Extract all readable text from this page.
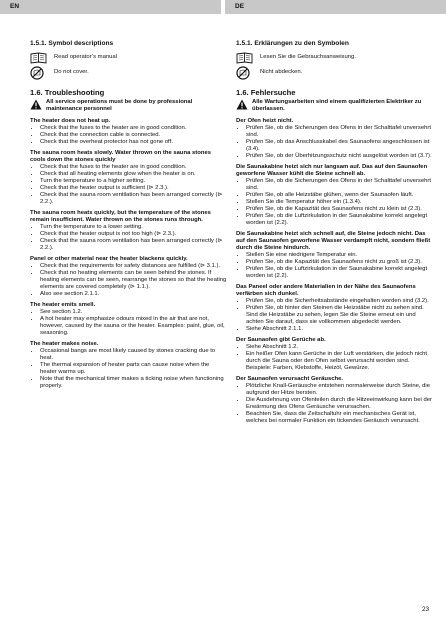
EN	DE
1.5.1. Symbol descriptions
Read operator’s manual
Do not cover.
1.6. Troubleshooting
All service operations must be done by professional maintenance personnel
The heater does not heat up.
• Check that the fuses to the heater are in good condition.
• Check that the connection cable is connected.
• Check that the overheat protector has not gone off.
The sauna room heats slowly. Water thrown on the sauna stones cools down the stones quickly
• Check that the fuses to the heater are in good condition.
• Check that all heating elements glow when the heater is on.
• Turn the temperature to a higher setting.
• Check that the heater output is sufficient (⊳ 2.3.).
• Check that the sauna room ventilation has been arranged correctly (⊳ 2.2.).
The sauna room heats quickly, but the temperature of the stones remain insufficient. Water thrown on the stones runs through.
• Turn the temperature to a lower setting.
• Check that the heater output is not too high (⊳ 2.3.).
• Check that the sauna room ventilation has been arranged correctly (⊳ 2.2.).
Panel or other material near the heater blackens quickly.
• Check that the requirements for safety distances are fulfilled (⊳ 3.1.).
• Check that no heating elements can be seen behind the stones. If heating elements can be seen, rearrange the stones so that the heating elements are covered completely (⊳ 1.1.).
• Also see section 2.1.1.
The heater emits smell.
• See section 1.2.
• A hot heater may emphasize odours mixed in the air that are not, however, caused by the sauna or the heater. Examples: paint, glue, oil, seasoning.
The heater makes noise.
• Occasional bangs are most likely caused by stones cracking due to heat.
• The thermal expansion of heater parts can cause noise when the heater warms up.
• Note that the mechanical timer makes a ticking noise when functioning properly.
1.5.1. Erklärungen zu den Symbolen
Lesen Sie die Gebrauchsanweisung.
Nicht abdecken.
1.6. Fehlersuche
Alle Wartungsarbeiten sind einem qualifizierten Elektriker zu überlassen.
Der Ofen heizt nicht.
• Prüfen Sie, ob die Sicherungen des Ofens in der Schalttafel unversehrt sind.
• Prüfen Sie, ob das Anschlusskabel des Saunaofens angeschlossen ist (3.4).
• Prüfen Sie, ob der Überhitzungsschutz nicht ausgelöst worden ist (3.7).
Die Saunakabine heizt sich nur langsam auf. Das auf den Saunaofen geworfene Wasser kühlt die Steine schnell ab.
• Prüfen Sie, ob die Sicherungen des Ofens in der Schalttafel unversehrt sind.
• Prüfen Sie, ob alle Heizstäbe glühen, wenn der Saunaofen läuft.
• Stellen Sie die Temperatur höher ein (1.3.4).
• Prüfen Sie, ob die Kapazität des Saunaofens nicht zu klein ist (2.3).
• Prüfen Sie, ob die Luftzirkulation in der Saunakabine korrekt angelegt worden ist (2.2).
Die Saunakabine heizt sich schnell auf, die Steine jedoch nicht. Das auf den Saunaofen geworfene Wasser verdampft nicht, sondern fließt durch die Steine hindurch.
• Stellen Sie eine niedrigere Temperatur ein.
• Prüfen Sie, ob die Kapazität des Saunaofens nicht zu groß ist (2.3).
• Prüfen Sie, ob die Luftzirkulation in der Saunakabine korrekt angelegt worden ist (2.2).
Das Paneel oder andere Materialien in der Nähe des Saunaofens verfärben sich dunkel.
• Prüfen Sie, ob die Sicherheitsabstände eingehalten worden sind (3.2).
• Prüfen Sie, ob hinter den Steinen die Heizstäbe nicht zu sehen sind. Sind die Heizstäbe zu sehen, legen Sie die Steine erneut ein und achten Sie darauf, dass sie vollkommen abgedeckt werden.
• Siehe Abschnitt 2.1.1.
Der Saunaofen gibt Gerüche ab.
• Siehe Abschnitt 1.2.
• Ein heißer Ofen kann Gerüche in der Luft verstärken, die jedoch nicht durch die Sauna oder den Ofen selbst verursacht worden sind. Beispiele: Farben, Klebstoffe, Heizöl, Gewürze.
Der Saunaofen verursacht Geräusche.
• Plötzliche Knall-Geräusche entstehen normalerweise durch Steine, die aufgrund der Hitze bersten.
• Die Ausdehnung von Ofenteilen durch die Hitzeeinwirkung kann bei der Erwärmung des Ofens Geräusche verursachen.
• Beachten Sie, dass die Zeitschaltuhr ein mechanisches Gerät ist, welches bei normaler Funktion ein tickendes Geräusch verursacht.
23
